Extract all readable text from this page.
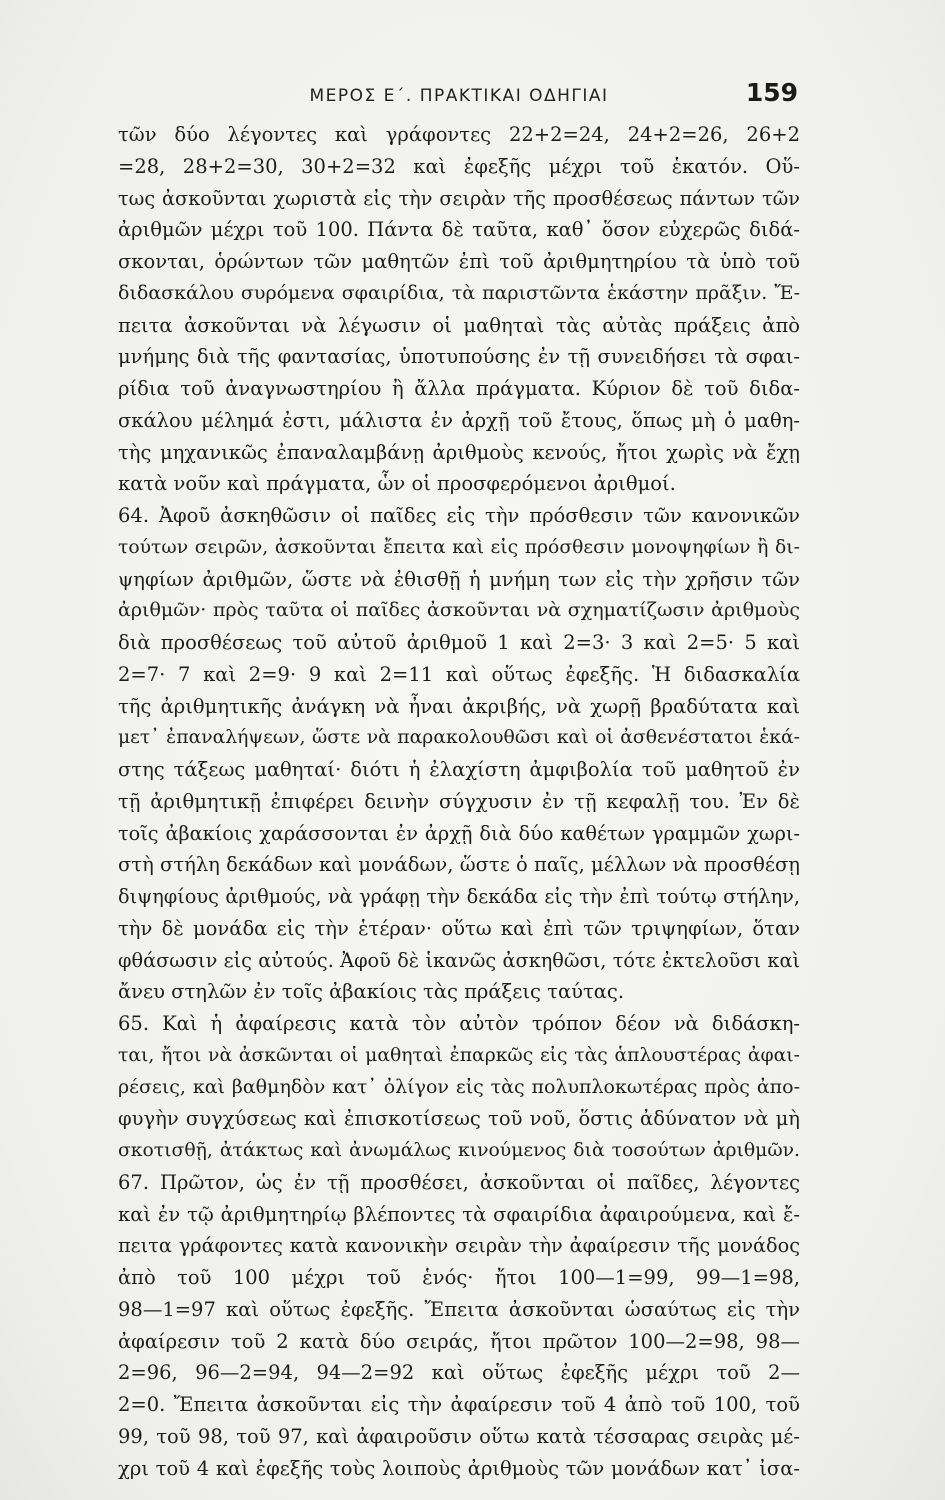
ΜΕΡΟΣ Ε΄. ΠΡΑΚΤΙΚΑΙ ΟΔΗΓΙΑΙ	159
τῶν δύο λέγοντες καὶ γράφοντες 22+2=24, 24+2=26, 26+2
=28, 28+2=30, 30+2=32 καὶ ἐφεξῆς μέχρι τοῦ ἑκατόν. Οὕ-
τως ἀσκοῦνται χωριστὰ εἰς τὴν σειρὰν τῆς προσθέσεως πάντων τῶν
ἀριθμῶν μέχρι τοῦ 100. Πάντα δὲ ταῦτα, καθ᾽ ὅσον εὐχερῶς διδά-
σκονται, ὁρώντων τῶν μαθητῶν ἐπὶ τοῦ ἀριθμητηρίου τὰ ὑπὸ τοῦ
διδασκάλου συρόμενα σφαιρίδια, τὰ παριστῶντα ἑκάστην πρᾶξιν. Ἔ-
πειτα ἀσκοῦνται νὰ λέγωσιν οἱ μαθηταὶ τὰς αὐτὰς πράξεις ἀπὸ
μνήμης διὰ τῆς φαντασίας, ὑποτυπούσης ἐν τῇ συνειδήσει τὰ σφαι-
ρίδια τοῦ ἀναγνωστηρίου ἢ ἄλλα πράγματα. Κύριον δὲ τοῦ διδα-
σκάλου μέλημά ἐστι, μάλιστα ἐν ἀρχῇ τοῦ ἔτους, ὅπως μὴ ὁ μαθη-
τὴς μηχανικῶς ἐπαναλαμβάνῃ ἀριθμοὺς κενούς, ἤτοι χωρὶς νὰ ἔχῃ
κατὰ νοῦν καὶ πράγματα, ὧν οἱ προσφερόμενοι ἀριθμοί.
64. Ἀφοῦ ἀσκηθῶσιν οἱ παῖδες εἰς τὴν πρόσθεσιν τῶν κανονικῶν
τούτων σειρῶν, ἀσκοῦνται ἔπειτα καὶ εἰς πρόσθεσιν μονοψηφίων ἢ δι-
ψηφίων ἀριθμῶν, ὥστε νὰ ἐθισθῇ ἡ μνήμη των εἰς τὴν χρῆσιν τῶν
ἀριθμῶν· πρὸς ταῦτα οἱ παῖδες ἀσκοῦνται νὰ σχηματίζωσιν ἀριθμοὺς
διὰ προσθέσεως τοῦ αὐτοῦ ἀριθμοῦ 1 καὶ 2=3· 3 καὶ 2=5· 5 καὶ
2=7· 7 καὶ 2=9· 9 καὶ 2=11 καὶ οὕτως ἐφεξῆς. Ἡ διδασκαλία
τῆς ἀριθμητικῆς ἀνάγκη νὰ ἦναι ἀκριβής, νὰ χωρῇ βραδύτατα καὶ
μετ᾽ ἐπαναλήψεων, ὥστε νὰ παρακολουθῶσι καὶ οἱ ἀσθενέστατοι ἑκά-
στης τάξεως μαθηταί· διότι ἡ ἐλαχίστη ἀμφιβολία τοῦ μαθητοῦ ἐν
τῇ ἀριθμητικῇ ἐπιφέρει δεινὴν σύγχυσιν ἐν τῇ κεφαλῇ του. Ἐν δὲ
τοῖς ἀβακίοις χαράσσονται ἐν ἀρχῇ διὰ δύο καθέτων γραμμῶν χωρι-
στὴ στήλη δεκάδων καὶ μονάδων, ὥστε ὁ παῖς, μέλλων νὰ προσθέσῃ
διψηφίους ἀριθμούς, νὰ γράφῃ τὴν δεκάδα εἰς τὴν ἐπὶ τούτῳ στήλην,
τὴν δὲ μονάδα εἰς τὴν ἑτέραν· οὕτω καὶ ἐπὶ τῶν τριψηφίων, ὅταν
φθάσωσιν εἰς αὐτούς. Ἀφοῦ δὲ ἱκανῶς ἀσκηθῶσι, τότε ἐκτελοῦσι καὶ
ἄνευ στηλῶν ἐν τοῖς ἀβακίοις τὰς πράξεις ταύτας.
65. Καὶ ἡ ἀφαίρεσις κατὰ τὸν αὐτὸν τρόπον δέον νὰ διδάσκη-
ται, ἤτοι νὰ ἀσκῶνται οἱ μαθηταὶ ἐπαρκῶς εἰς τὰς ἁπλουστέρας ἀφαι-
ρέσεις, καὶ βαθμηδὸν κατ᾽ ὀλίγον εἰς τὰς πολυπλοκωτέρας πρὸς ἀπο-
φυγὴν συγχύσεως καὶ ἐπισκοτίσεως τοῦ νοῦ, ὅστις ἀδύνατον νὰ μὴ
σκοτισθῇ, ἀτάκτως καὶ ἀνωμάλως κινούμενος διὰ τοσούτων ἀριθμῶν.
67. Πρῶτον, ὡς ἐν τῇ προσθέσει, ἀσκοῦνται οἱ παῖδες, λέγοντες
καὶ ἐν τῷ ἀριθμητηρίῳ βλέποντες τὰ σφαιρίδια ἀφαιρούμενα, καὶ ἔ-
πειτα γράφοντες κατὰ κανονικὴν σειρὰν τὴν ἀφαίρεσιν τῆς μονάδος
ἀπὸ τοῦ 100 μέχρι τοῦ ἑνός· ἤτοι 100—1=99, 99—1=98,
98—1=97 καὶ οὕτως ἐφεξῆς. Ἔπειτα ἀσκοῦνται ὡσαύτως εἰς τὴν
ἀφαίρεσιν τοῦ 2 κατὰ δύο σειράς, ἤτοι πρῶτον 100—2=98, 98—
2=96, 96—2=94, 94—2=92 καὶ οὕτως ἐφεξῆς μέχρι τοῦ 2—
2=0. Ἔπειτα ἀσκοῦνται εἰς τὴν ἀφαίρεσιν τοῦ 4 ἀπὸ τοῦ 100, τοῦ
99, τοῦ 98, τοῦ 97, καὶ ἀφαιροῦσιν οὕτω κατὰ τέσσαρας σειρὰς μέ-
χρι τοῦ 4 καὶ ἐφεξῆς τοὺς λοιποὺς ἀριθμοὺς τῶν μονάδων κατ᾽ ἰσα-
